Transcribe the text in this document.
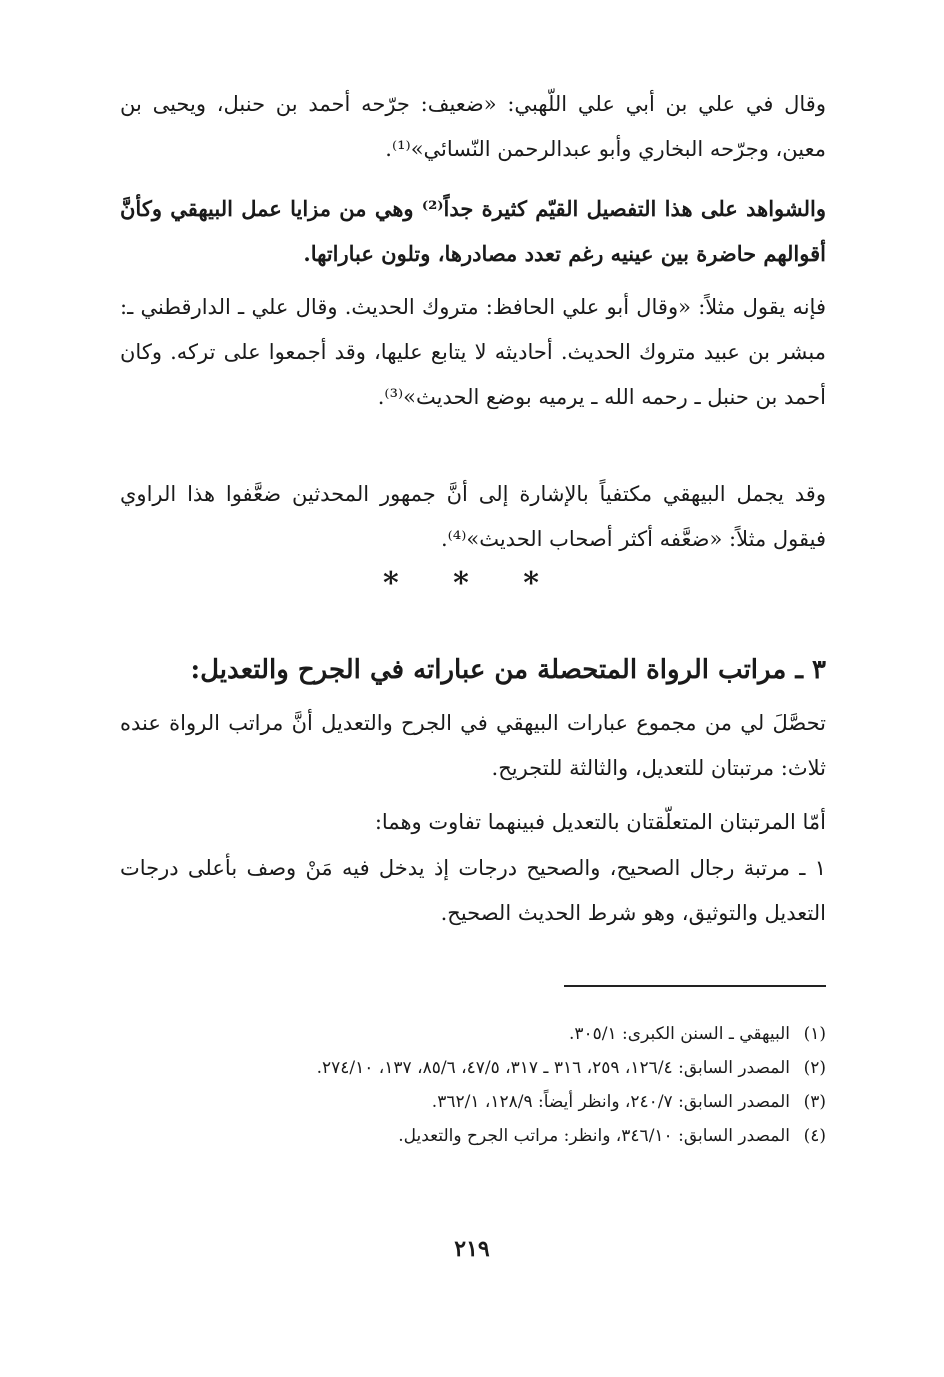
وقال في علي بن أبي علي اللّهبي: «ضعيف: جرّحه أحمد بن حنبل، ويحيى بن معين، وجرّحه البخاري وأبو عبدالرحمن النّسائي»⁽¹⁾.

والشواهد على هذا التفصيل القيّم كثيرة جداً⁽²⁾ وهي من مزايا عمل البيهقي وكأنَّ أقوالهم حاضرة بين عينيه رغم تعدد مصادرها، وتلون عباراتها.

فإنه يقول مثلاً: «وقال أبو علي الحافظ: متروك الحديث. وقال علي ـ الدارقطني ـ: مبشر بن عبيد متروك الحديث. أحاديثه لا يتابع عليها، وقد أجمعوا على تركه. وكان أحمد بن حنبل ـ رحمه الله ـ يرميه بوضع الحديث»⁽³⁾.

وقد يجمل البيهقي مكتفياً بالإشارة إلى أنَّ جمهور المحدثين ضعَّفوا هذا الراوي فيقول مثلاً: «ضعَّفه أكثر أصحاب الحديث»⁽⁴⁾.

* * *
٣ ـ مراتب الرواة المتحصلة من عباراته في الجرح والتعديل:

تحصَّلَ لي من مجموع عبارات البيهقي في الجرح والتعديل أنَّ مراتب الرواة عنده ثلاث: مرتبتان للتعديل، والثالثة للتجريح.

أمّا المرتبتان المتعلّقتان بالتعديل فبينهما تفاوت وهما:

١ ـ مرتبة رجال الصحيح، والصحيح درجات إذ يدخل فيه مَنْ وصف بأعلى درجات التعديل والتوثيق، وهو شرط الحديث الصحيح.

(١)
البيهقي ـ السنن الكبرى: ٣٠٥/١.
(٢)
المصدر السابق: ١٢٦/٤، ٢٥٩، ٣١٦ ـ ٣١٧، ٤٧/٥، ٨٥/٦، ١٣٧، ٢٧٤/١٠.
(٣)
المصدر السابق: ٢٤٠/٧، وانظر أيضاً: ١٢٨/٩، ٣٦٢/١.
(٤)
المصدر السابق: ٣٤٦/١٠، وانظر: مراتب الجرح والتعديل.
٢١٩
